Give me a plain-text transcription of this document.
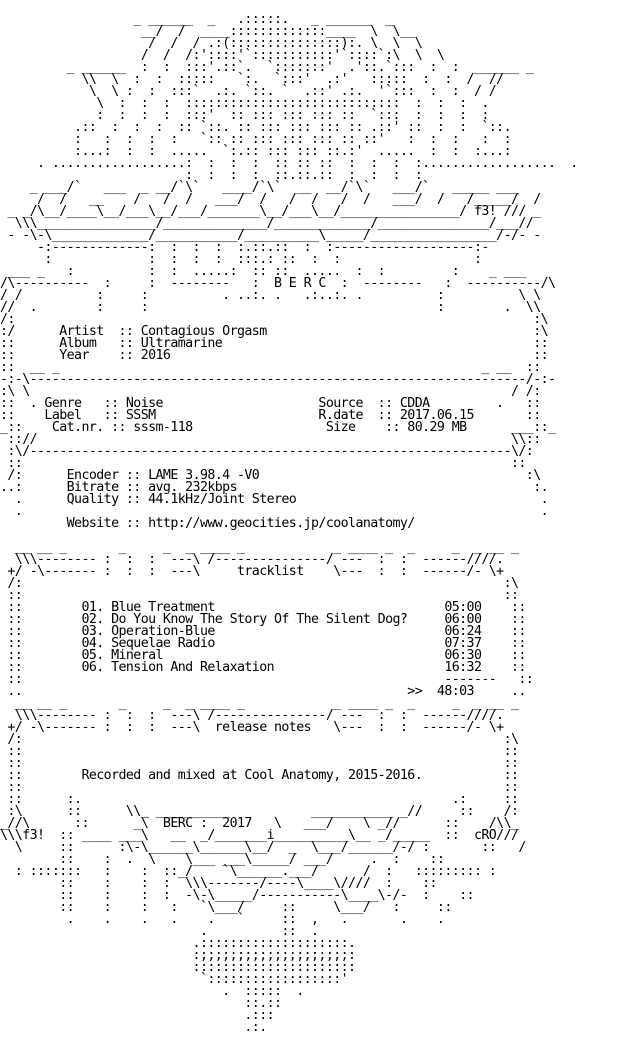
_ ______  _   .:::::.   _ ______  _
__/  /  ____:::::::::::::____  \  \__
/  /  / .:(:::::::::::::::):. \  \  \
/  /  /:'::::'`:::::::::::'`::::`:\  \  \
_ ______  :  :  :::'.::`.  `:::::::'  .'::.`:::  :  :  ______ _
\\  \  :  :  :::::   `:.  `:::'  .:'   :::::  :  :  /  //
\  \ :  :  :::`  .:. `::. `  .::' .:.  '`:::  :  :  / /
\  :  :  :  :::::::::::::::::::::::::::::  :  :  :  .
:  :  :  :  :::'  :: ::: ::: ::: ::  `:::  :  :  :  :
.::  :  :  :  :: `::. :: ::: ::: ::: :: .::' ::  :  :  `::.
:   :  :  :  :   `:: :: ::: ::: ::: :: ::'   :  :  :   :  :
:...:  :  :  .....  `:.:: ::: ::: ::.:'  .....  :  :  :...:
. ..................:  :  :  :  :: :: ::  :  :  :  :..................  .
:  :  :  :  ::.::.::  :  :  :  :
_ ___/`   ___  _ __/`\`   ____/`\`  __  __/`\`   ___/`   _____ ___
/  /   __    /   /  /   ___/  /   /  /   /  /   ___/  /   /_____/  /
_ _/\__/____\__/___\__/___/_______\__/___\__/________________/ f3! /// _
\\\________________/______________/_____________/_______________/___//
- -\-\_____________/___________/__________\_____/_________________/-/- -
-:-------------:  :  :  :  :.::.::  :  :-------------------:-
:             :  :  :  :  :::.: ::  :  :                  :
___ _   :          :  :  .....:  :: ::  .....  :  :         :    _ ___
/\----------  :     :  --------   :  B E R C  :  --------   :  ----------/\
/ /          :     :          . ..:. .   .:..:. .          :          \ \
//  .        :     :                                       :        .  \\
/:                                                                      :\
:/      Artist  :: Contagious Orgasm                                    :\
::      Album   :: Ultramarine                                          ::
::      Year    :: 2016                                                 ::
::  __ _                                                         _ __  ::
-:-\-------------------------------------------------------------------/-:-
:\ \                                                                 / /:
::  . Genre   :: Noise                     Source  :: CDDA         .   ::
::    Label   :: SSSM                      R.date  :: 2017.06.15       ::
_::    Cat.nr. :: sssm-118                  Size    :: 80.29 MB      ___::_
:://                                                                \\::
:\/-----------------------------------------------------------------\/:
::                                                                  ::
/:      Encoder :: LAME 3.98.4 -V0                                    :\
..:      Bitrate :: avg. 232kbps                                        :.
.      Quality :: 44.1kHz/Joint Stereo                                 .
.                                                                      .
Website :: http://www.geocities.jp/coolanatomy/
__ __ _       _     _  _ ____ _            _ ____ _  _     _  _ __ _
\\\-------- :  :  :  ---\ /---------------/ ---  :  :  ------////.
+/ -\------- :  :  :  ---\     tracklist    \---  :  :  ------/- \+
/:                                                                 :\
::                                                                 ::
::        01. Blue Treatment                               05:00    ::
::        02. Do You Know The Story Of The Silent Dog?     06:00    ::
::        03. Operation-Blue                               06:24    ::
::        04. Sequelae Radio                               07:37    ::
::        05. Mineral                                      06:30    ::
::        06. Tension And Relaxation                       16:32    ::
::                                                         -------   ::
..                                                    >>  48:03     ..
__ __ _       _     _  _ ____ _            _ ____ _  _     _  _ __ _
\\\-------- :  :  :  ---\ /---------------/ ---  :  :  ------////.
+/ -\------- :  :  :  ---\  release notes   \---  :  :  ------/- \+
/:                                                                 :\
::                                                                 ::
::                                                                 ::
::        Recorded and mixed at Cool Anatomy, 2015-2016.           ::
::                                                                 ::
::      :.                                                  .:     ::
:\      ::      \\_ __________           ___________ _//     ::    /:
_//\      ::      _\  BERC :  2017   \   ___/    \ _//      ::    /\\_
\\\f3!  :: ____ ___\   __  _/_______i__________\__ _/_____  ::  cRO///
\     ::      :\-\______\______\__/  _  \___/______/-/ :       ::   /
::    :  .  \    \___ ___\_____/ ___/     .  :    ::
: :::::::   :    :  ::_/    `\______.___/      /  :   ::::::::: :
::    :    :  :  \\\-------/----\____\////  :    ::
::    :    :  :  -\-\_____/-----------\____\-/-  :    ::
::    :    :   :   `\___/     ::     \___/   :     ::
.    .    .   .    .   `     ::  ,   .       .    .
.          ::  .
.::::::::::::::::::::.
:;;;;;;;;;;;;;;;;;;;;:
::::::::::::::::::::::
`::::::::::::::::::'
.  :::::  .
::.::
.:::
.:.
